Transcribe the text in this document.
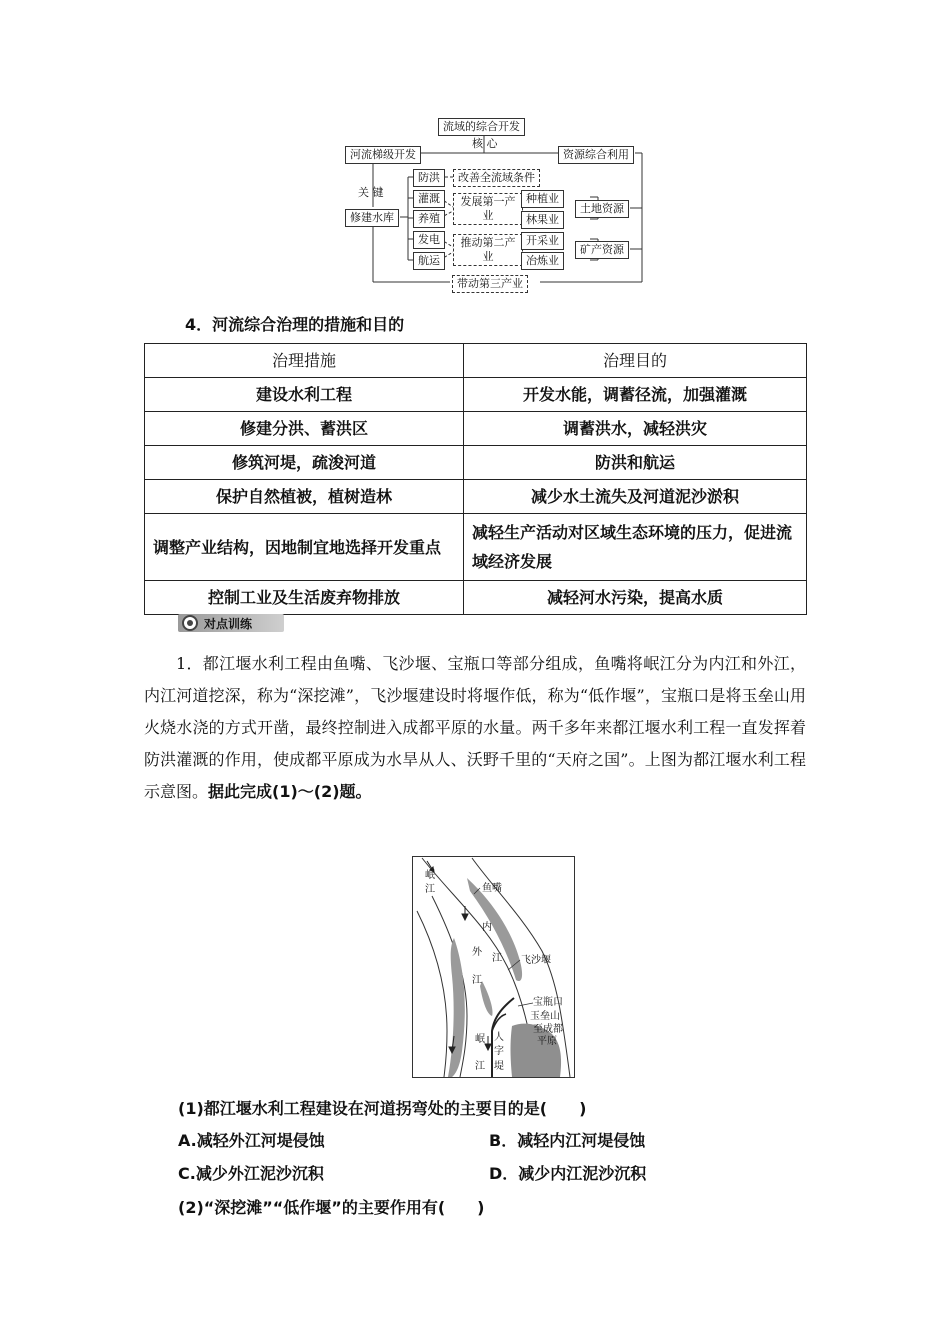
流域的综合开发
核 心
河流梯级开发	资源综合利用
关 键
修建水库
防洪	改善全流域条件
灌溉
养殖
发展第一产业
种植业
林果业
土地资源
发电
航运
推动第二产业
开采业
冶炼业
矿产资源
带动第三产业
4．河流综合治理的措施和目的
治理措施	治理目的
建设水利工程	开发水能，调蓄径流，加强灌溉
修建分洪、蓄洪区	调蓄洪水，减轻洪灾
修筑河堤，疏浚河道	防洪和航运
保护自然植被，植树造林	减少水土流失及河道泥沙淤积
调整产业结构，因地制宜地选择开发重点	减轻生产活动对区域生态环境的压力，促进流域经济发展
控制工业及生活废弃物排放	减轻河水污染，提高水质
对点训练
1．都江堰水利工程由鱼嘴、飞沙堰、宝瓶口等部分组成，鱼嘴将岷江分为内江和外江，内江河道挖深，称为“深挖滩”，飞沙堰建设时将堰作低，称为“低作堰”，宝瓶口是将玉垒山用火烧水浇的方式开凿，最终控制进入成都平原的水量。两千多年来都江堰水利工程一直发挥着防洪灌溉的作用，使成都平原成为水旱从人、沃野千里的“天府之国”。上图为都江堰水利工程示意图。据此完成(1)～(2)题。
岷
江	鱼嘴
内
江
外
江
飞沙堰
宝瓶口
玉垒山
至成都
平原
岷
江
人
字
堤
(1)都江堰水利工程建设在河道拐弯处的主要目的是(　　)
A.减轻外江河堤侵蚀	B．减轻内江河堤侵蚀
C.减少外江泥沙沉积	D．减少内江泥沙沉积
(2)“深挖滩”“低作堰”的主要作用有(　　)
